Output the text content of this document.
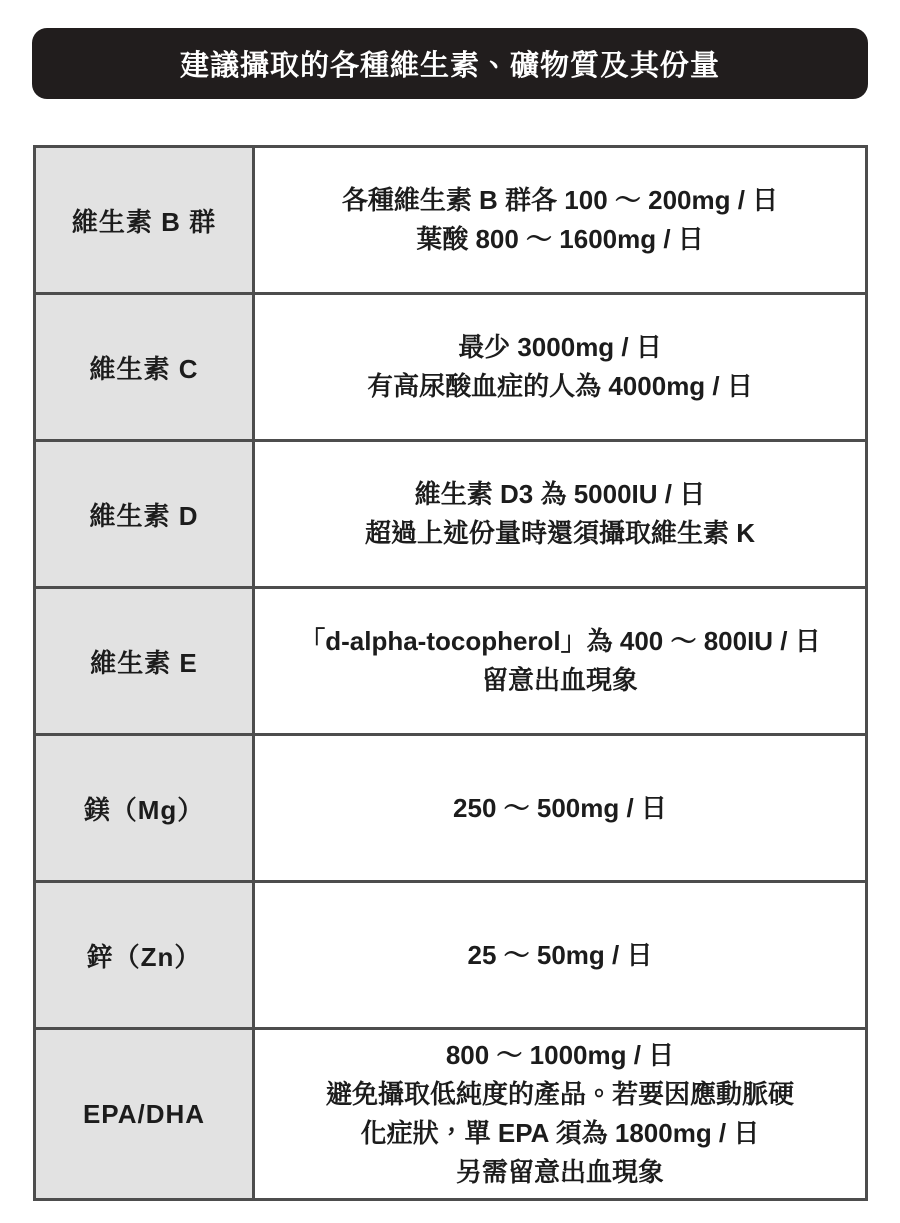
建議攝取的各種維生素、礦物質及其份量
維生素 B 群	各種維生素 B 群各 100 ～ 200mg / 日
葉酸 800 ～ 1600mg / 日

維生素 C	最少 3000mg / 日
有高尿酸血症的人為 4000mg / 日

維生素 D	維生素 D3 為 5000IU / 日
超過上述份量時還須攝取維生素 K

維生素 E	「d-alpha-tocopherol」為 400 ～ 800IU / 日
留意出血現象

鎂（Mg）	250 ～ 500mg / 日

鋅（Zn）	25 ～ 50mg / 日

EPA/DHA	800 ～ 1000mg / 日
避免攝取低純度的產品。若要因應動脈硬
化症狀，單 EPA 須為 1800mg / 日
另需留意出血現象
